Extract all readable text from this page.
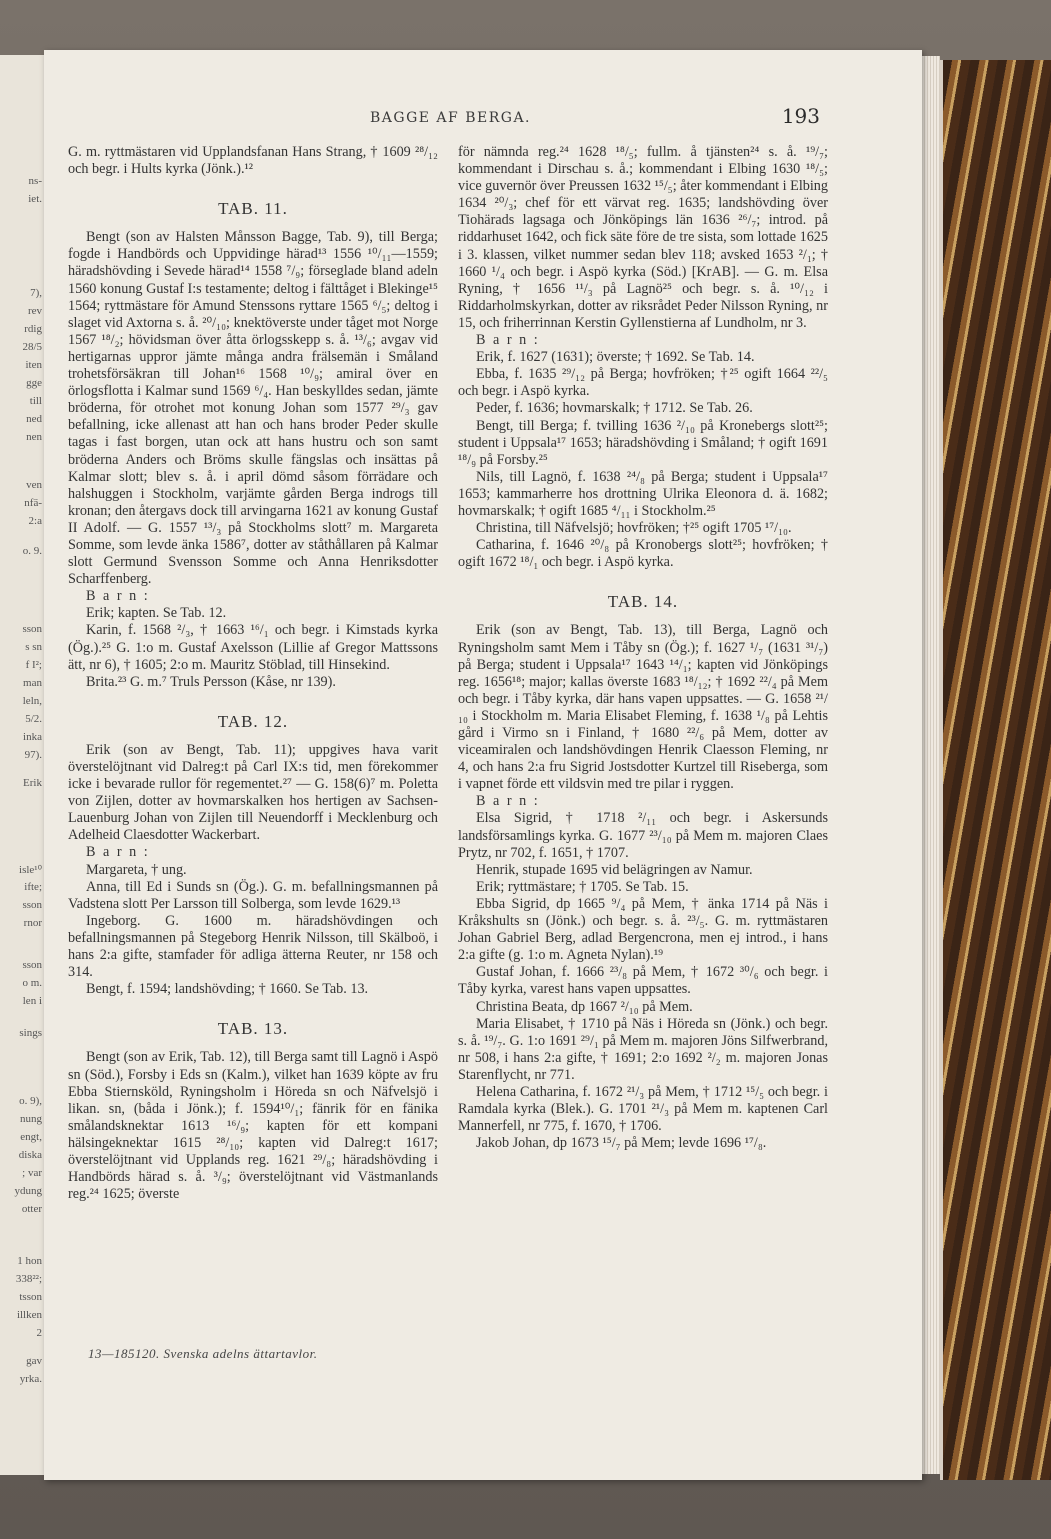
ns-
iet.
7),
rev
rdig
28/5
iten
gge
till
ned
nen
ven
nfä-
2:a
o. 9.
sson
s sn
f I²;
man
leln,
5/2.
inka
97).
Erik
isle¹⁰
ifte;
sson
rnor
sson
o m.
len i
sings
o. 9),
nung
engt,
diska
; var
ydung
otter
1 hon
338²²;
tsson
illken
2
gav
yrka.
BAGGE AF BERGA.	193

G. m. ryttmästaren vid Upplandsfanan Hans Strang, † 1609 ²⁸/₁₂ och begr. i Hults kyrka (Jönk.).¹²

TAB. 11.

Bengt (son av Halsten Månsson Bagge, Tab. 9), till Berga; fogde i Handbörds och Uppvidinge härad¹³ 1556 ¹⁰/₁₁—1559; häradshövding i Sevede härad¹⁴ 1558 ⁷/₉; förseglade bland adeln 1560 konung Gustaf I:s testamente; deltog i fälttåget i Blekinge¹⁵ 1564; ryttmästare för Amund Stenssons ryttare 1565 ⁶/₅; deltog i slaget vid Axtorna s. å. ²⁰/₁₀; knektöverste under tåget mot Norge 1567 ¹⁸/₂; hövidsman över åtta örlogsskepp s. å. ¹³/₆; avgav vid hertigarnas uppror jämte många andra frälsemän i Småland trohetsförsäkran till Johan¹⁶ 1568 ¹⁰/₉; amiral över en örlogsflotta i Kalmar sund 1569 ⁶/₄. Han beskylldes sedan, jämte bröderna, för otrohet mot konung Johan som 1577 ²⁹/₃ gav befallning, icke allenast att han och hans broder Peder skulle tagas i fast borgen, utan ock att hans hustru och son samt bröderna Anders och Bröms skulle fängslas och insättas på Kalmar slott; blev s. å. i april dömd såsom förrädare och halshuggen i Stockholm, varjämte gården Berga indrogs till kronan; den återgavs dock till arvingarna 1621 av konung Gustaf II Adolf. — G. 1557 ¹³/₃ på Stockholms slott⁷ m. Margareta Somme, som levde änka 1586⁷, dotter av ståthållaren på Kalmar slott Germund Svensson Somme och Anna Henriksdotter Scharffenberg.

B a r n :

Erik; kapten. Se Tab. 12.

Karin, f. 1568 ²/₃, † 1663 ¹⁶/₁ och begr. i Kimstads kyrka (Ög.).²⁵ G. 1:o m. Gustaf Axelsson (Lillie af Gregor Mattssons ätt, nr 6), † 1605; 2:o m. Mauritz Stöblad, till Hinsekind.

Brita.²³ G. m.⁷ Truls Persson (Kåse, nr 139).

TAB. 12.

Erik (son av Bengt, Tab. 11); uppgives hava varit överstelöjtnant vid Dalreg:t på Carl IX:s tid, men förekommer icke i bevarade rullor för regementet.²⁷ — G. 158(6)⁷ m. Poletta von Zijlen, dotter av hovmarskalken hos hertigen av Sachsen-Lauenburg Johan von Zijlen till Neuendorff i Mecklenburg och Adelheid Claesdotter Wackerbart.

B a r n :

Margareta, † ung.

Anna, till Ed i Sunds sn (Ög.). G. m. befallningsmannen på Vadstena slott Per Larsson till Solberga, som levde 1629.¹³

Ingeborg. G. 1600 m. häradshövdingen och befallningsmannen på Stegeborg Henrik Nilsson, till Skälboö, i hans 2:a gifte, stamfader för adliga ätterna Reuter, nr 158 och 314.

Bengt, f. 1594; landshövding; † 1660. Se Tab. 13.

TAB. 13.

Bengt (son av Erik, Tab. 12), till Berga samt till Lagnö i Aspö sn (Söd.), Forsby i Eds sn (Kalm.), vilket han 1639 köpte av fru Ebba Stiernsköld, Ryningsholm i Höreda sn och Näfvelsjö i likan. sn, (båda i Jönk.); f. 1594¹⁰/₁; fänrik för en fänika smålandsknektar 1613 ¹⁶/₉; kapten för ett kompani hälsingeknektar 1615 ²⁸/₁₀; kapten vid Dalreg:t 1617; överstelöjtnant vid Upplands reg. 1621 ²⁹/₈; häradshövding i Handbörds härad s. å. ³/₉; överstelöjtnant vid Västmanlands reg.²⁴ 1625; överste

för nämnda reg.²⁴ 1628 ¹⁸/₅; fullm. å tjänsten²⁴ s. å. ¹⁹/₇; kommendant i Dirschau s. å.; kommendant i Elbing 1630 ¹⁸/₅; vice guvernör över Preussen 1632 ¹⁵/₅; åter kommendant i Elbing 1634 ²⁰/₃; chef för ett värvat reg. 1635; landshövding över Tiohärads lagsaga och Jönköpings län 1636 ²⁶/₇; introd. på riddarhuset 1642, och fick säte före de tre sista, som lottade 1625 i 3. klassen, vilket nummer sedan blev 118; avsked 1653 ²/₁; † 1660 ¹/₄ och begr. i Aspö kyrka (Söd.) [KrAB]. — G. m. Elsa Ryning, † 1656 ¹¹/₃ på Lagnö²⁵ och begr. s. å. ¹⁰/₁₂ i Riddarholmskyrkan, dotter av riksrådet Peder Nilsson Ryning, nr 15, och friherrinnan Kerstin Gyllenstierna af Lundholm, nr 3.

B a r n :

Erik, f. 1627 (1631); överste; † 1692. Se Tab. 14.

Ebba, f. 1635 ²⁹/₁₂ på Berga; hovfröken; †²⁵ ogift 1664 ²²/₅ och begr. i Aspö kyrka.

Peder, f. 1636; hovmarskalk; † 1712. Se Tab. 26.

Bengt, till Berga; f. tvilling 1636 ²/₁₀ på Kronebergs slott²⁵; student i Uppsala¹⁷ 1653; häradshövding i Småland; † ogift 1691 ¹⁸/₉ på Forsby.²⁵

Nils, till Lagnö, f. 1638 ²⁴/₈ på Berga; student i Uppsala¹⁷ 1653; kammarherre hos drottning Ulrika Eleonora d. ä. 1682; hovmarskalk; † ogift 1685 ⁴/₁₁ i Stockholm.²⁵

Christina, till Näfvelsjö; hovfröken; †²⁵ ogift 1705 ¹⁷/₁₀.

Catharina, f. 1646 ²⁰/₈ på Kronobergs slott²⁵; hovfröken; † ogift 1672 ¹⁸/₁ och begr. i Aspö kyrka.

TAB. 14.

Erik (son av Bengt, Tab. 13), till Berga, Lagnö och Ryningsholm samt Mem i Tåby sn (Ög.); f. 1627 ¹/₇ (1631 ³¹/₇) på Berga; student i Uppsala¹⁷ 1643 ¹⁴/₁; kapten vid Jönköpings reg. 1656¹⁸; major; kallas överste 1683 ¹⁸/₁₂; † 1692 ²²/₄ på Mem och begr. i Tåby kyrka, där hans vapen uppsattes. — G. 1658 ²¹/₁₀ i Stockholm m. Maria Elisabet Fleming, f. 1638 ¹/₈ på Lehtis gård i Virmo sn i Finland, † 1680 ²²/₆ på Mem, dotter av viceamiralen och landshövdingen Henrik Claesson Fleming, nr 4, och hans 2:a fru Sigrid Jostsdotter Kurtzel till Riseberga, som i vapnet förde ett vildsvin med tre pilar i ryggen.

B a r n :

Elsa Sigrid, † 1718 ²/₁₁ och begr. i Askersunds landsförsamlings kyrka. G. 1677 ²³/₁₀ på Mem m. majoren Claes Prytz, nr 702, f. 1651, † 1707.

Henrik, stupade 1695 vid belägringen av Namur.

Erik; ryttmästare; † 1705. Se Tab. 15.

Ebba Sigrid, dp 1665 ⁹/₄ på Mem, † änka 1714 på Näs i Kråkshults sn (Jönk.) och begr. s. å. ²³/₅. G. m. ryttmästaren Johan Gabriel Berg, adlad Bergencrona, men ej introd., i hans 2:a gifte (g. 1:o m. Agneta Nylan).¹⁹

Gustaf Johan, f. 1666 ²³/₈ på Mem, † 1672 ³⁰/₆ och begr. i Tåby kyrka, varest hans vapen uppsattes.

Christina Beata, dp 1667 ²/₁₀ på Mem.

Maria Elisabet, † 1710 på Näs i Höreda sn (Jönk.) och begr. s. å. ¹⁹/₇. G. 1:o 1691 ²⁹/₁ på Mem m. majoren Jöns Silfwerbrand, nr 508, i hans 2:a gifte, † 1691; 2:o 1692 ²/₂ m. majoren Jonas Starenflycht, nr 771.

Helena Catharina, f. 1672 ²¹/₃ på Mem, † 1712 ¹⁵/₅ och begr. i Ramdala kyrka (Blek.). G. 1701 ²¹/₃ på Mem m. kaptenen Carl Mannerfell, nr 775, f. 1670, † 1706.

Jakob Johan, dp 1673 ¹⁵/₇ på Mem; levde 1696 ¹⁷/₈.

13—185120. Svenska adelns ättartavlor.
